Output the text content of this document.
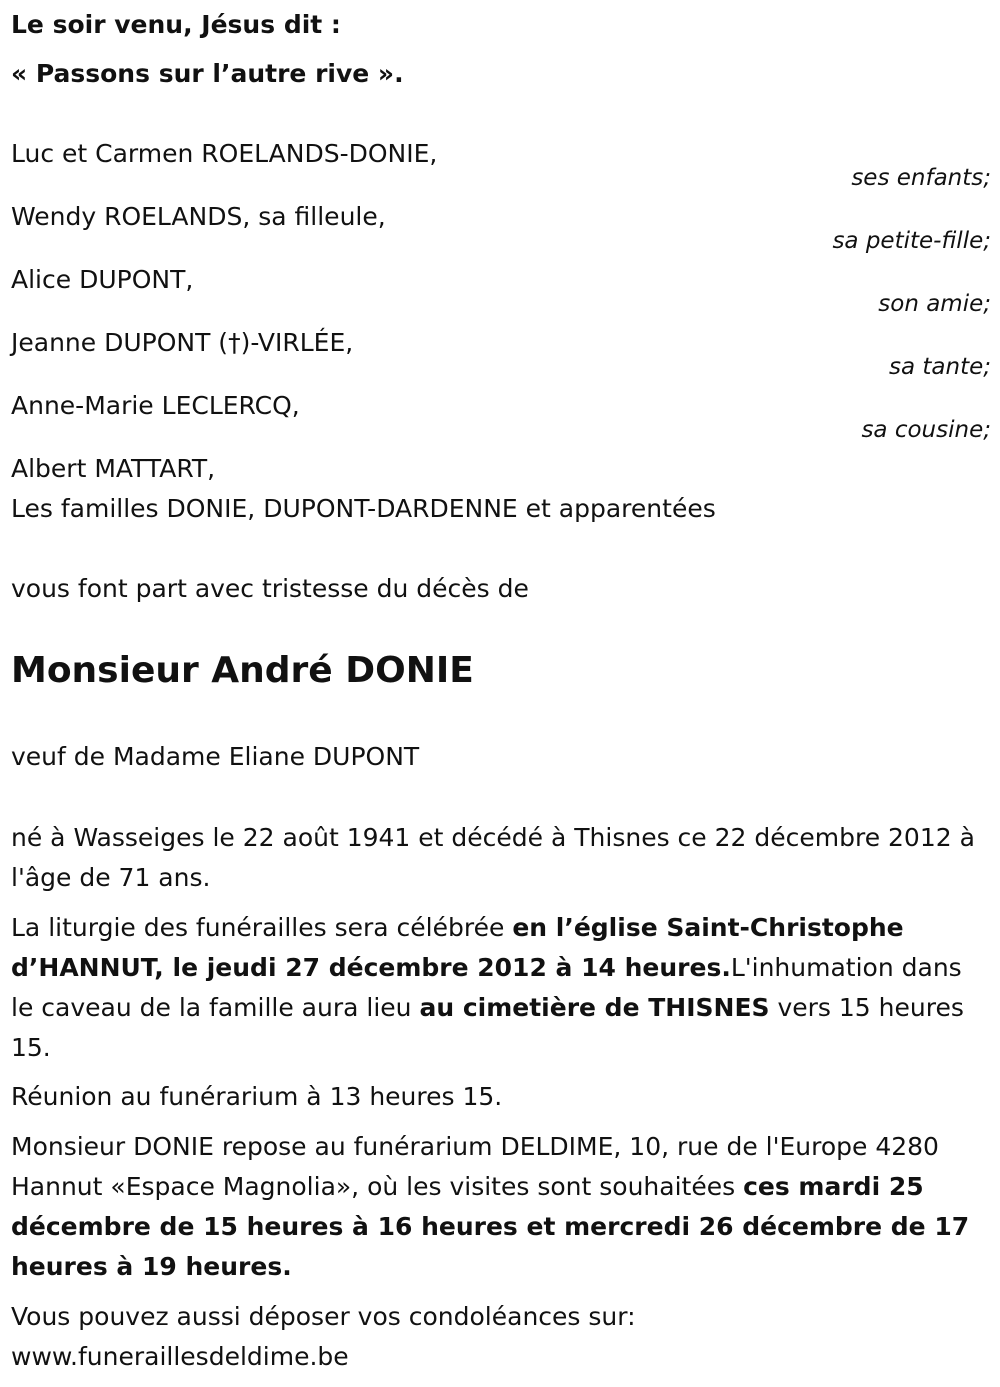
Le soir venu, Jésus dit :
« Passons sur l’autre rive ».
Luc et Carmen ROELANDS-DONIE,
ses enfants;
Wendy ROELANDS, sa filleule,
sa petite-fille;
Alice DUPONT,
son amie;
Jeanne DUPONT (†)-VIRLÉE,
sa tante;
Anne-Marie LECLERCQ,
sa cousine;
Albert MATTART,
Les familles DONIE, DUPONT-DARDENNE et apparentées
vous font part avec tristesse du décès de
Monsieur André DONIE
veuf de Madame Eliane DUPONT
né à Wasseiges le 22 août 1941 et décédé à Thisnes ce 22 décembre 2012 à l'âge de 71 ans.
La liturgie des funérailles sera célébrée en l’église Saint-Christophe d’HANNUT, le jeudi 27 décembre 2012 à 14 heures.L'inhumation dans le caveau de la famille aura lieu au cimetière de THISNES vers 15 heures 15.
Réunion au funérarium à 13 heures 15.
Monsieur DONIE repose au funérarium DELDIME, 10, rue de l'Europe 4280 Hannut «Espace Magnolia», où les visites sont souhaitées ces mardi 25 décembre de 15 heures à 16 heures et mercredi 26 décembre de 17 heures à 19 heures.
Vous pouvez aussi déposer vos condoléances sur:
www.funeraillesdeldime.be
